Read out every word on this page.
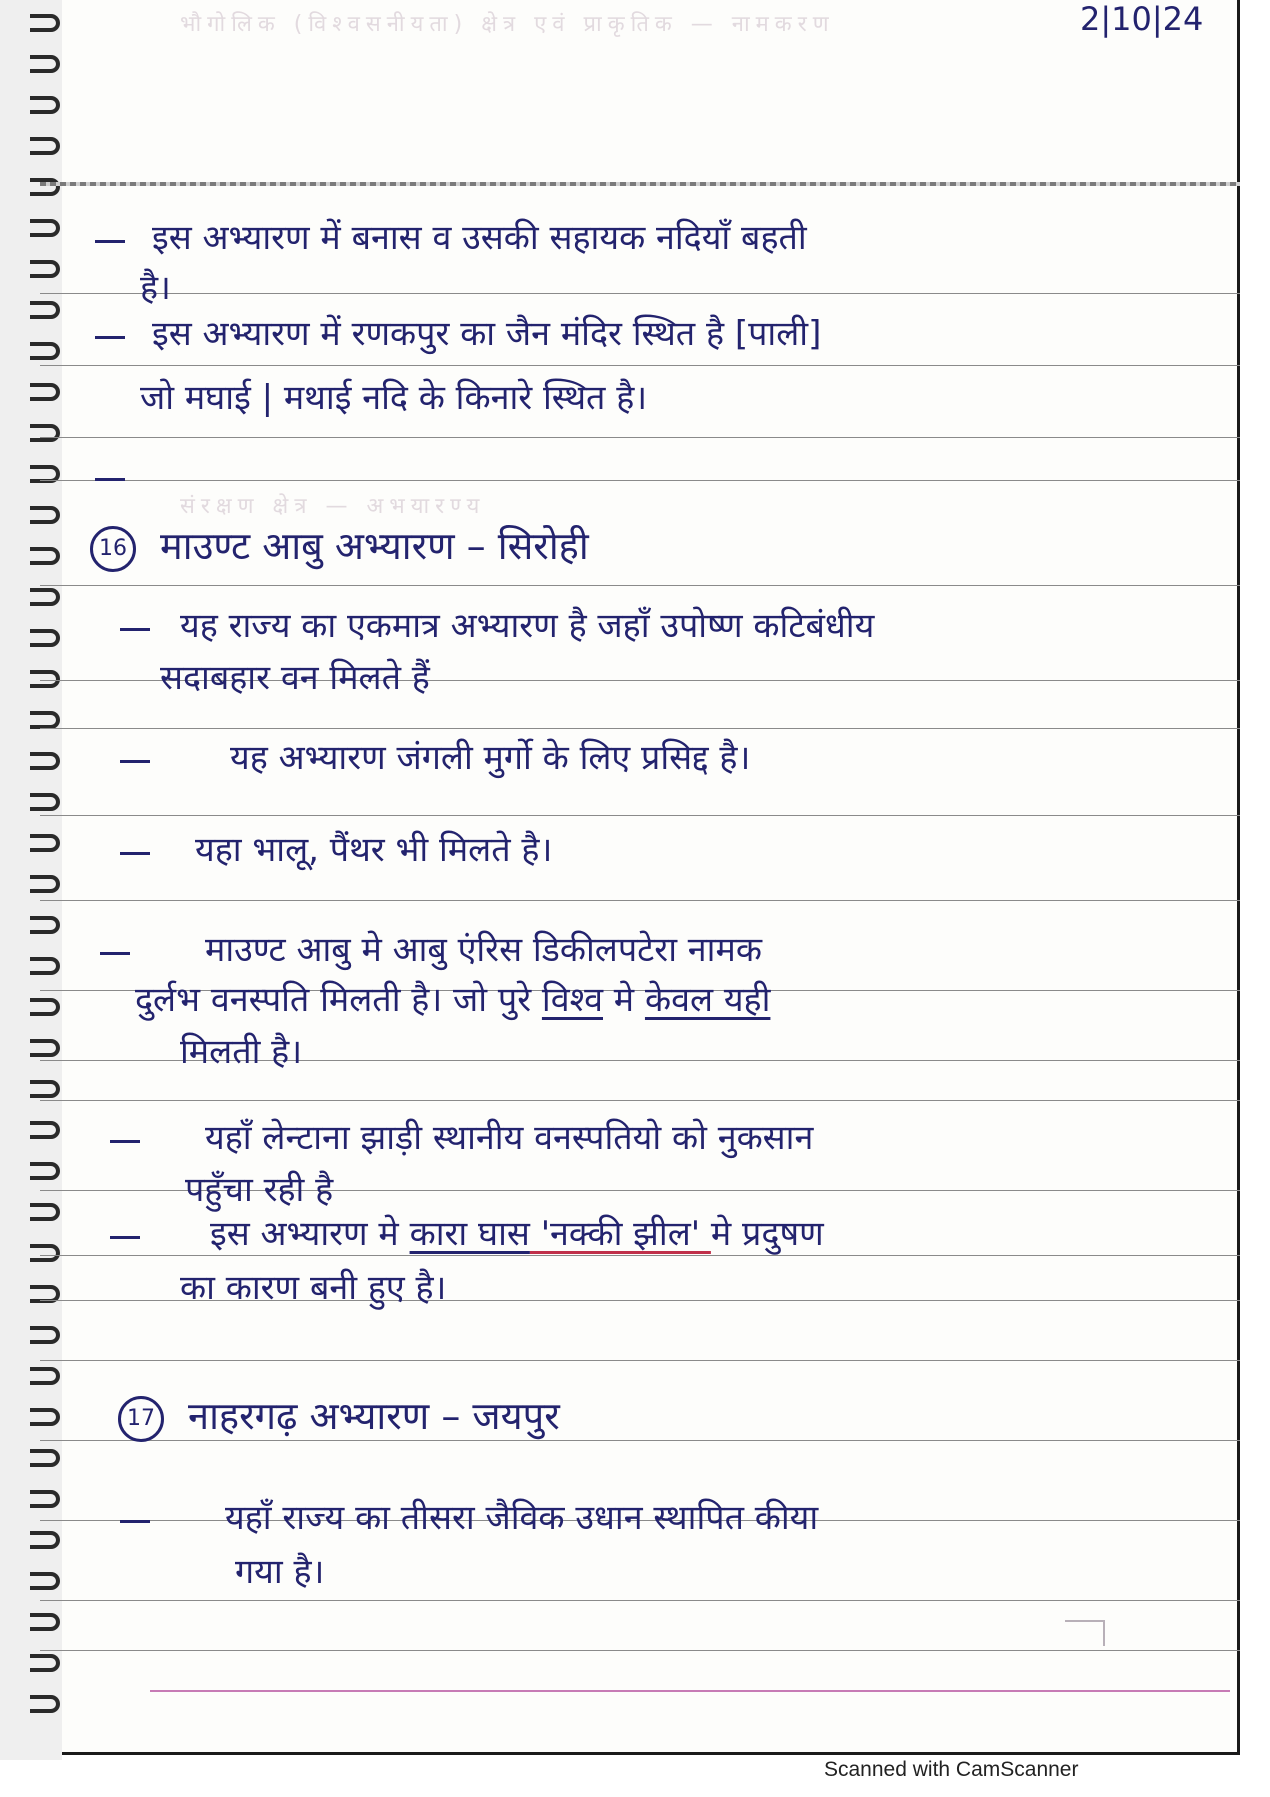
भौगोलिक (विश्वसनीयता) क्षेत्र एवं प्राकृतिक — नामकरण
संरक्षण क्षेत्र — अभयारण्य
2|10|24
इस अभ्यारण में बनास व उसकी सहायक नदियाँ बहती
है।
इस अभ्यारण में रणकपुर का जैन मंदिर स्थित है [पाली]
जो मघाई | मथाई नदि के किनारे स्थित है।
16 माउण्ट आबु अभ्यारण – सिरोही
यह राज्य का एकमात्र अभ्यारण है जहाँ उपोष्ण कटिबंधीय
सदाबहार वन मिलते हैं
यह अभ्यारण जंगली मुर्गो के लिए प्रसिद्द है।
यहा भालू, पैंथर भी मिलते है।
माउण्ट आबु मे आबु एंरिस डिकीलपटेरा नामक
दुर्लभ वनस्पति मिलती है। जो पुरे विश्व मे केवल यही
मिलती है।
यहाँ लेन्टाना झाड़ी स्थानीय वनस्पतियो को नुकसान
पहुँचा रही है
इस अभ्यारण मे कारा घास 'नक्की झील' मे प्रदुषण
का कारण बनी हुए है।
17 नाहरगढ़ अभ्यारण – जयपुर
यहाँ राज्य का तीसरा जैविक उधान स्थापित कीया
गया है।
Scanned with CamScanner
